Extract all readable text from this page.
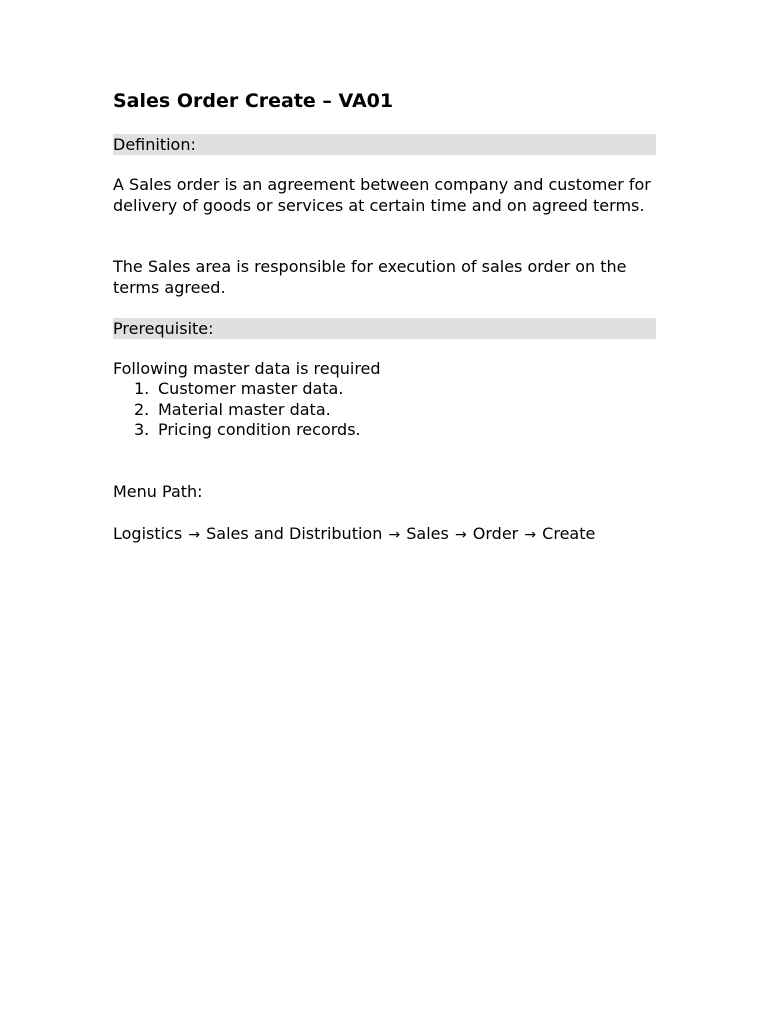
Sales Order Create – VA01
Definition:

A Sales order is an agreement between company and customer for delivery of goods or services at certain time and on agreed terms.

The Sales area is responsible for execution of sales order on the terms agreed.

Prerequisite:

Following master data is required

1. Customer master data.
2. Material master data.
3. Pricing condition records.

Menu Path:

Logistics → Sales and Distribution → Sales → Order → Create
